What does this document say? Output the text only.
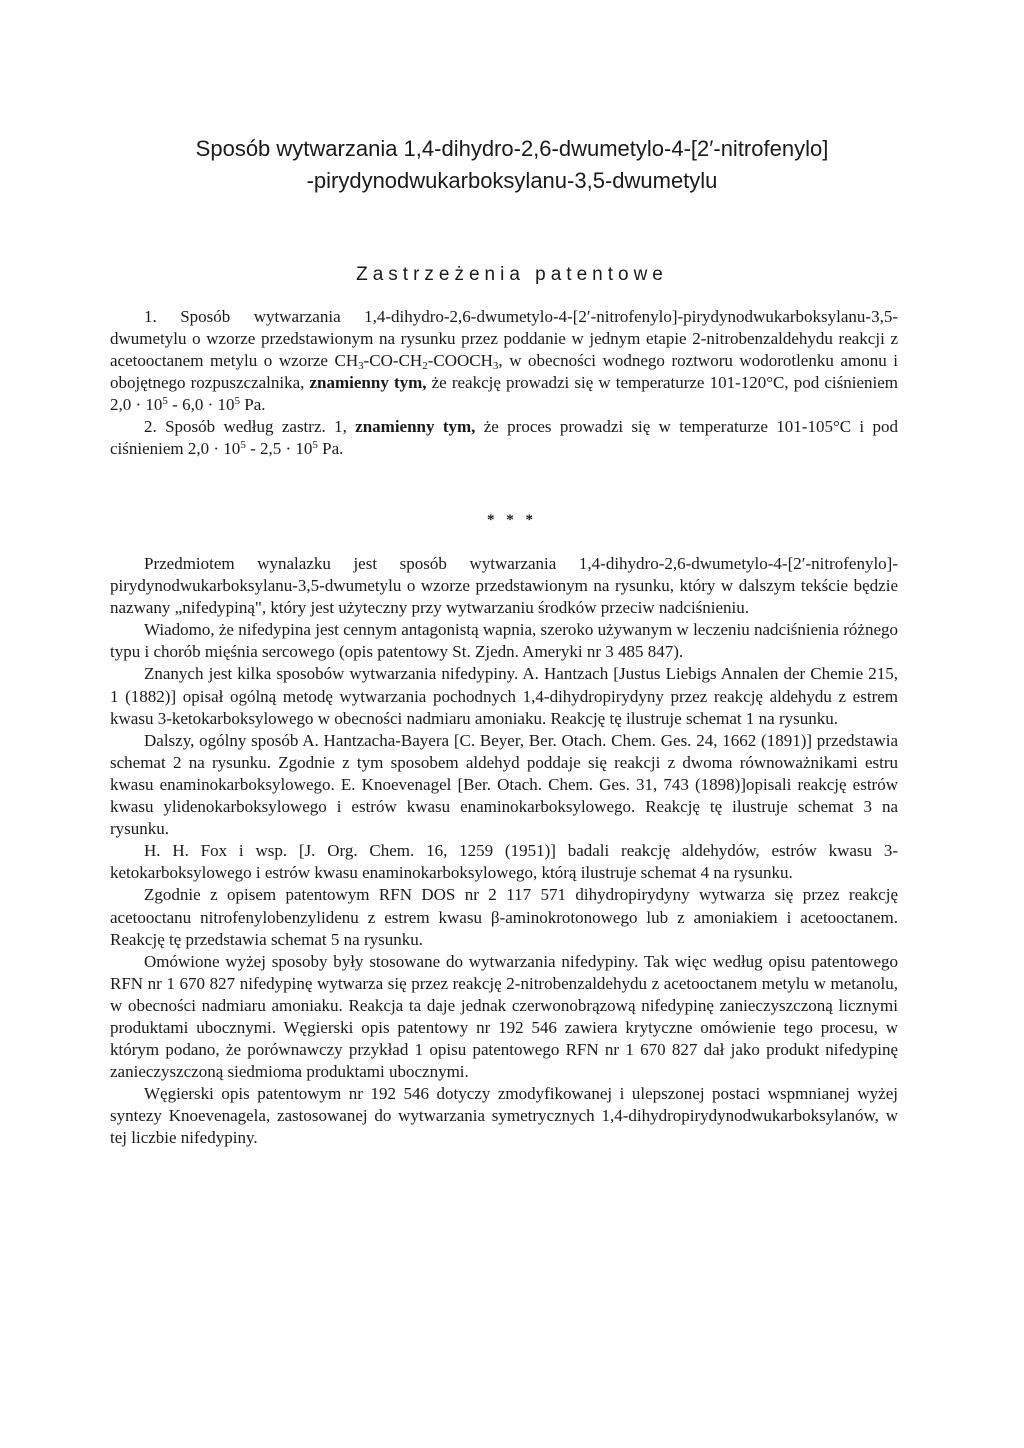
Sposób wytwarzania 1,4-dihydro-2,6-dwumetylo-4-[2′-nitrofenylo]
-pirydynodwukarboksylanu-3,5-dwumetylu
Zastrzeżenia patentowe

1. Sposób wytwarzania 1,4-dihydro-2,6-dwumetylo-4-[2′-nitrofenylo]-pirydynodwukarboksylanu-3,5-dwumetylu o wzorze przedstawionym na rysunku przez poddanie w jednym etapie 2-nitrobenzaldehydu reakcji z acetooctanem metylu o wzorze $CH_3-CO-CH_2-COOCH_3$, w obecności wodnego roztworu wodorotlenku amonu i obojętnego rozpuszczalnika, znamienny tym, że reakcję prowadzi się w temperaturze 101-120°C, pod ciśnieniem $2,0 \cdot 10^5 - 6,0 \cdot 10^5$ Pa.

2. Sposób według zastrz. 1, znamienny tym, że proces prowadzi się w temperaturze 101-105°C i pod ciśnieniem $2,0 \cdot 10^5 - 2,5 \cdot 10^5$ Pa.

* * *

Przedmiotem wynalazku jest sposób wytwarzania 1,4-dihydro-2,6-dwumetylo-4-[2′-nitrofenylo]-pirydynodwukarboksylanu-3,5-dwumetylu o wzorze przedstawionym na rysunku, który w dalszym tekście będzie nazwany „nifedypiną", który jest użyteczny przy wytwarzaniu środków przeciw nadciśnieniu.

Wiadomo, że nifedypina jest cennym antagonistą wapnia, szeroko używanym w leczeniu nadciśnienia różnego typu i chorób mięśnia sercowego (opis patentowy St. Zjedn. Ameryki nr 3 485 847).

Znanych jest kilka sposobów wytwarzania nifedypiny. A. Hantzach [Justus Liebigs Annalen der Chemie 215, 1 (1882)] opisał ogólną metodę wytwarzania pochodnych 1,4-dihydropirydyny przez reakcję aldehydu z estrem kwasu 3-ketokarboksylowego w obecności nadmiaru amoniaku. Reakcję tę ilustruje schemat 1 na rysunku.

Dalszy, ogólny sposób A. Hantzacha-Bayera [C. Beyer, Ber. Otach. Chem. Ges. 24, 1662 (1891)] przedstawia schemat 2 na rysunku. Zgodnie z tym sposobem aldehyd poddaje się reakcji z dwoma równoważnikami estru kwasu enaminokarboksylowego. E. Knoevenagel [Ber. Otach. Chem. Ges. 31, 743 (1898)]opisali reakcję estrów kwasu ylidenokarboksylowego i estrów kwasu enaminokarboksylowego. Reakcję tę ilustruje schemat 3 na rysunku.

H. H. Fox i wsp. [J. Org. Chem. 16, 1259 (1951)] badali reakcję aldehydów, estrów kwasu 3-ketokarboksylowego i estrów kwasu enaminokarboksylowego, którą ilustruje schemat 4 na rysunku.

Zgodnie z opisem patentowym RFN DOS nr 2 117 571 dihydropirydyny wytwarza się przez reakcję acetooctanu nitrofenylobenzylidenu z estrem kwasu β-aminokrotonowego lub z amoniakiem i acetooctanem. Reakcję tę przedstawia schemat 5 na rysunku.

Omówione wyżej sposoby były stosowane do wytwarzania nifedypiny. Tak więc według opisu patentowego RFN nr 1 670 827 nifedypinę wytwarza się przez reakcję 2-nitrobenzaldehydu z acetooctanem metylu w metanolu, w obecności nadmiaru amoniaku. Reakcja ta daje jednak czerwonobrązową nifedypinę zanieczyszczoną licznymi produktami ubocznymi. Węgierski opis patentowy nr 192 546 zawiera krytyczne omówienie tego procesu, w którym podano, że porównawczy przykład 1 opisu patentowego RFN nr 1 670 827 dał jako produkt nifedypinę zanieczyszczoną siedmioma produktami ubocznymi.

Węgierski opis patentowym nr 192 546 dotyczy zmodyfikowanej i ulepszonej postaci wspmnianej wyżej syntezy Knoevenagela, zastosowanej do wytwarzania symetrycznych 1,4-dihydropirydynodwukarboksylanów, w tej liczbie nifedypiny.
